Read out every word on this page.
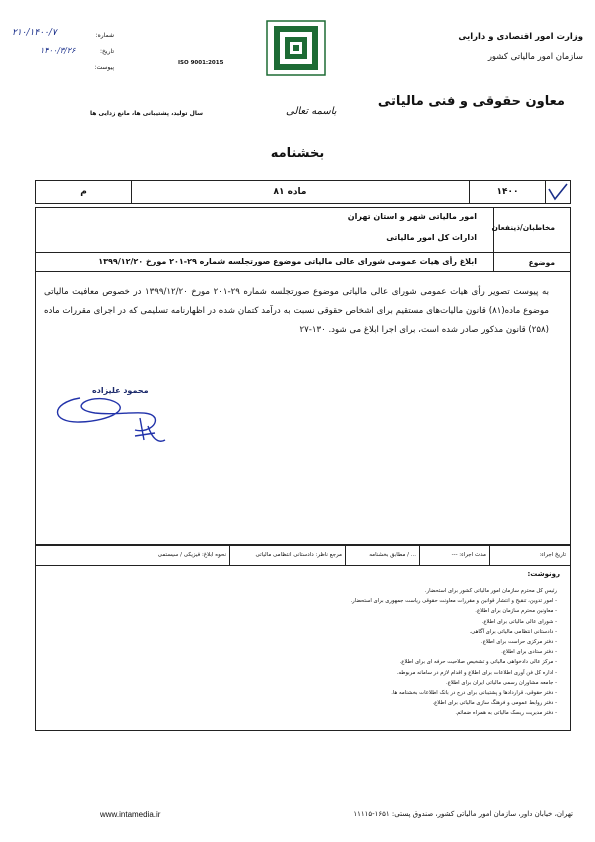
ISO 9001:2015
وزارت امور اقتصادی و دارایی
سازمان امور مالیاتی کشور
۲۱۰/۱۴۰۰/۷
۱۴۰۰/۳/۲۶
شماره:
تاریخ:
پیوست:
معاون حقوقی و فنی مالیاتی
سال تولید، پشتیبانی ها، مانع زدایی ها	باسمه تعالی
بخشنامه
۱۴۰۰
ماده ۸۱
م
مخاطبان/ذینفعان
امور مالیاتی شهر و استان تهران
ادارات کل امور مالیاتی
موضوع
ابلاغ رأی هیات عمومی شورای عالی مالیاتی موضوع صورتجلسه شماره ۲۹-۲۰۱ مورخ ۱۳۹۹/۱۲/۲۰
به پیوست تصویر رأی هیات عمومی شورای عالی مالیاتی موضوع صورتجلسه شماره ۲۹-۲۰۱ مورخ ۱۳۹۹/۱۲/۲۰ در خصوص معافیت مالیاتی موضوع ماده(۸۱) قانون مالیات‌های مستقیم برای اشخاص حقوقی نسبت به درآمد کتمان شده در اظهارنامه تسلیمی که در اجرای مقررات ماده (۲۵۸) قانون مذکور صادر شده است، برای اجرا ابلاغ می شود. ۱۳۰-۲۷
محمود علیزاده
تاریخ اجراء:
مدت اجراء: ---
... / مطابق بخشنامه
مرجع ناظر: دادستانی انتظامی مالیاتی
نحوه ابلاغ: فیزیکی / سیستمی
رونوشت:
رئیس کل محترم سازمان امور مالیاتی کشور برای استحضار.
- امور تدوین، تنقیح و انتشار قوانین و مقررات معاونت حقوقی ریاست جمهوری برای استحضار.
- معاونین محترم سازمان برای اطلاع.
- شورای عالی مالیاتی برای اطلاع.
- دادستانی انتظامی مالیاتی برای آگاهی.
- دفتر مرکزی حراست برای اطلاع.
- دفتر ستادی برای اطلاع.
- مرکز عالی دادخواهی مالیاتی و تشخیص صلاحیت حرفه ای برای اطلاع.
- اداره کل فن آوری اطلاعات برای اطلاع و اقدام لازم در سامانه مربوطه.
- جامعه مشاوران رسمی مالیاتی ایران برای اطلاع.
- دفتر حقوقی، قراردادها و پشتیبانی برای درج در بانک اطلاعات بخشنامه ها.
- دفتر روابط عمومی و فرهنگ سازی مالیاتی برای اطلاع.
- دفتر مدیریت ریسک مالیاتی به همراه ضمائم.
تهران، خیابان داور، سازمان امور مالیاتی کشور، صندوق پستی: ۱۶۵۱-۱۱۱۱۵
www.intamedia.ir
